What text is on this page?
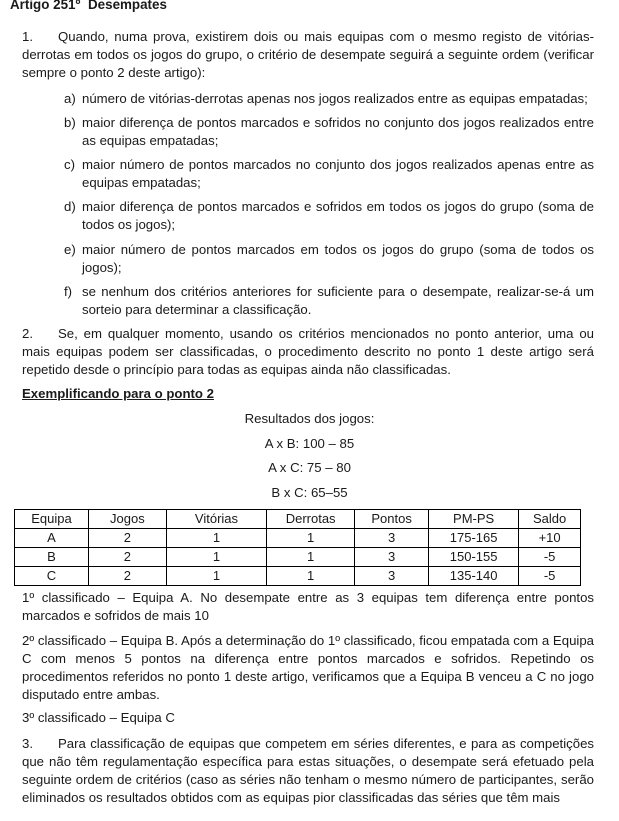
Artigo 251º Desempates
1. Quando, numa prova, existirem dois ou mais equipas com o mesmo registo de vitórias-derrotas em todos os jogos do grupo, o critério de desempate seguirá a seguinte ordem (verificar sempre o ponto 2 deste artigo):
a) número de vitórias-derrotas apenas nos jogos realizados entre as equipas empatadas;
b) maior diferença de pontos marcados e sofridos no conjunto dos jogos realizados entre as equipas empatadas;
c) maior número de pontos marcados no conjunto dos jogos realizados apenas entre as equipas empatadas;
d) maior diferença de pontos marcados e sofridos em todos os jogos do grupo (soma de todos os jogos);
e) maior número de pontos marcados em todos os jogos do grupo (soma de todos os jogos);
f) se nenhum dos critérios anteriores for suficiente para o desempate, realizar-se-á um sorteio para determinar a classificação.
2. Se, em qualquer momento, usando os critérios mencionados no ponto anterior, uma ou mais equipas podem ser classificadas, o procedimento descrito no ponto 1 deste artigo será repetido desde o princípio para todas as equipas ainda não classificadas.
Exemplificando para o ponto 2
Resultados dos jogos:
A x B: 100 – 85
A x C: 75 – 80
B x C: 65–55
Equipa	Jogos	Vitórias	Derrotas	Pontos	PM-PS	Saldo
A	2	1	1	3	175-165	+10
B	2	1	1	3	150-155	-5
C	2	1	1	3	135-140	-5
1º classificado – Equipa A. No desempate entre as 3 equipas tem diferença entre pontos marcados e sofridos de mais 10
2º classificado – Equipa B. Após a determinação do 1º classificado, ficou empatada com a Equipa C com menos 5 pontos na diferença entre pontos marcados e sofridos. Repetindo os procedimentos referidos no ponto 1 deste artigo, verificamos que a Equipa B venceu a C no jogo disputado entre ambas.
3º classificado – Equipa C
3. Para classificação de equipas que competem em séries diferentes, e para as competições que não têm regulamentação específica para estas situações, o desempate será efetuado pela seguinte ordem de critérios (caso as séries não tenham o mesmo número de participantes, serão eliminados os resultados obtidos com as equipas pior classificadas das séries que têm mais
